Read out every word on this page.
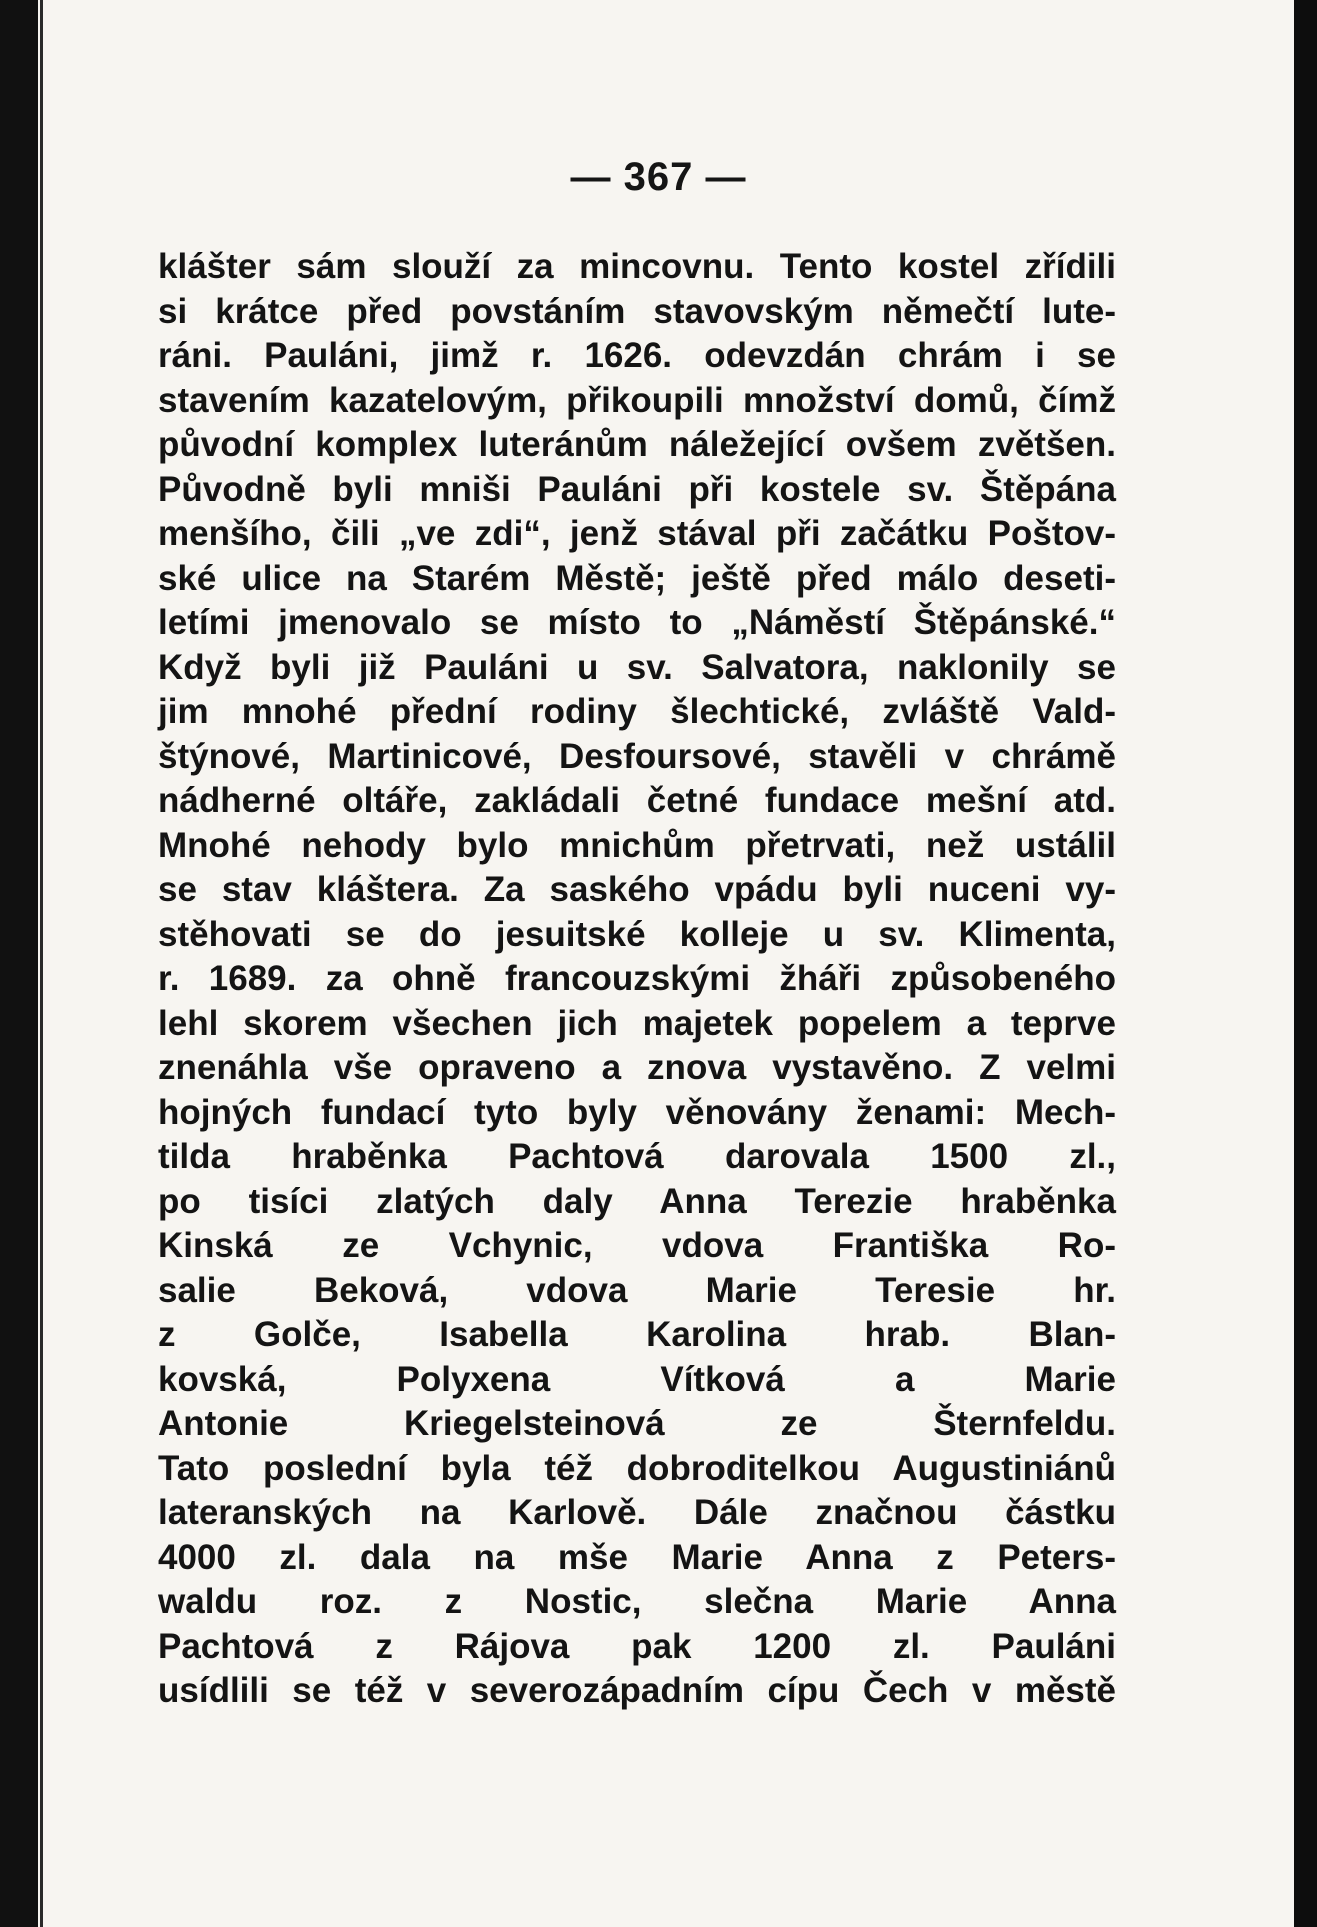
— 367 —
klášter sám slouží za mincovnu. Tento kostel zřídili
si krátce před povstáním stavovským němečtí lute-
ráni. Pauláni, jimž r. 1626. odevzdán chrám i se
stavením kazatelovým, přikoupili množství domů, čímž
původní komplex luteránům náležející ovšem zvětšen.
Původně byli mniši Pauláni při kostele sv. Štěpána
menšího, čili „ve zdi“, jenž stával při začátku Poštov-
ské ulice na Starém Městě; ještě před málo deseti-
letími jmenovalo se místo to „Náměstí Štěpánské.“
Když byli již Pauláni u sv. Salvatora, naklonily se
jim mnohé přední rodiny šlechtické, zvláště Vald-
štýnové, Martinicové, Desfoursové, stavěli v chrámě
nádherné oltáře, zakládali četné fundace mešní atd.
Mnohé nehody bylo mnichům přetrvati, než ustálil
se stav kláštera. Za saského vpádu byli nuceni vy-
stěhovati se do jesuitské kolleje u sv. Klimenta,
r. 1689. za ohně francouzskými žháři způsobeného
lehl skorem všechen jich majetek popelem a teprve
znenáhla vše opraveno a znova vystavěno. Z velmi
hojných fundací tyto byly věnovány ženami: Mech-
tilda hraběnka Pachtová darovala 1500 zl.,
po tisíci zlatých daly Anna Terezie hraběnka
Kinská ze Vchynic, vdova Františka Ro-
salie Beková, vdova Marie Teresie hr.
z Golče, Isabella Karolina hrab. Blan-
kovská, Polyxena Vítková a Marie
Antonie Kriegelsteinová ze Šternfeldu.
Tato poslední byla též dobroditelkou Augustiniánů
lateranských na Karlově. Dále značnou částku
4000 zl. dala na mše Marie Anna z Peters-
waldu roz. z Nostic, slečna Marie Anna
Pachtová z Rájova pak 1200 zl. Pauláni
usídlili se též v severozápadním cípu Čech v městě
